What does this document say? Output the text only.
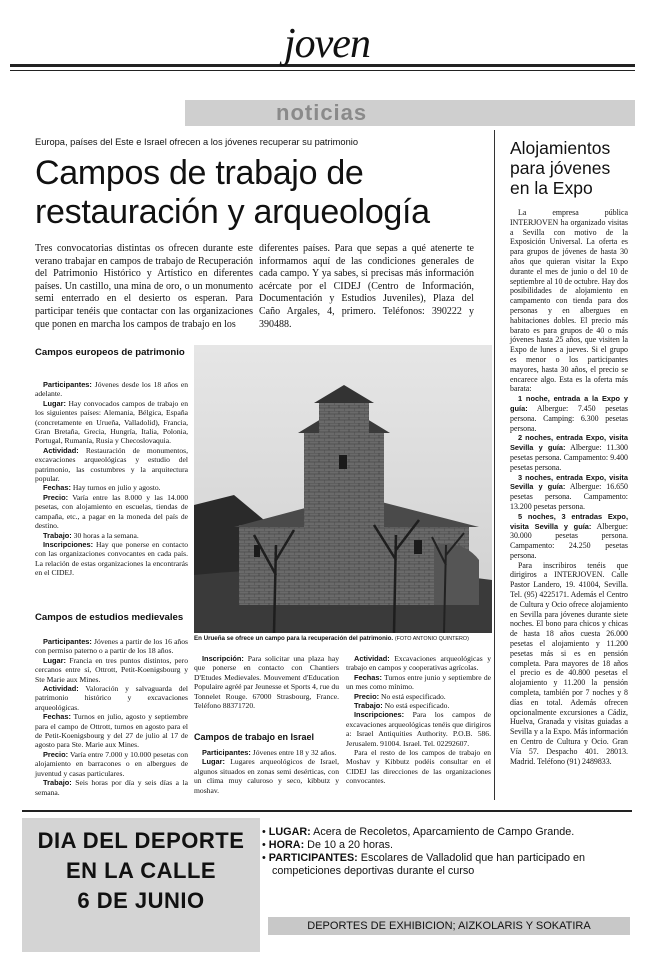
joven
noticias
Europa, países del Este e Israel ofrecen a los jóvenes recuperar su patrimonio
Campos de trabajo de restauración y arqueología
Tres convocatorias distintas os ofrecen durante este verano trabajar en campos de trabajo de Recuperación del Patrimonio Histórico y Artístico en diferentes países. Un castillo, una mina de oro, o un monumento semi enterrado en el desierto os esperan. Para participar tenéis que contactar con las organizaciones que ponen en marcha los campos de trabajo en los
diferentes países. Para que sepas a qué atenerte te informamos aquí de las condiciones generales de cada campo. Y ya sabes, si precisas más información acércate por el CIDEJ (Centro de Información, Documentación y Estudios Juveniles), Plaza del Caño Argales, 4, primero. Teléfonos: 390222 y 390488.
Campos europeos de patrimonio

Participantes: Jóvenes desde los 18 años en adelante.

Lugar: Hay convocados campos de trabajo en los siguientes países: Alemania, Bélgica, España (concretamente en Urueña, Valladolid), Francia, Gran Bretaña, Grecia, Hungría, Italia, Polonia, Portugal, Rumanía, Rusia y Checoslovaquia.

Actividad: Restauración de monumentos, excavaciones arqueológicas y estudio del patrimonio, las costumbres y la arquitectura popular.

Fechas: Hay turnos en julio y agosto.

Precio: Varía entre las 8.000 y las 14.000 pesetas, con alojamiento en escuelas, tiendas de campaña, etc., a pagar en la moneda del país de destino.

Trabajo: 30 horas a la semana.

Inscripciones: Hay que ponerse en contacto con las organizaciones convocantes en cada país. La relación de estas organizaciones la encontrarás en el CIDEJ.

Campos de estudios medievales

Participantes: Jóvenes a partir de los 16 años con permiso paterno o a partir de los 18 años.

Lugar: Francia en tres puntos distintos, pero cercanos entre sí, Ottrott, Petit-Koenigsbourg y Ste Marie aux Mines.

Actividad: Valoración y salvaguarda del patrimonio histórico y excavaciones arqueológicas.

Fechas: Turnos en julio, agosto y septiembre para el campo de Ottrott, turnos en agosto para el de Petit-Koenigsbourg y del 27 de julio al 17 de agosto para Ste. Marie aux Mines.

Precio: Varía entre 7.000 y 10.000 pesetas con alojamiento en barracones o en albergues de juventud y casas particulares.

Trabajo: Seis horas por día y seis días a la semana.

En Urueña se ofrece un campo para la recuperación del patrimonio. (FOTO ANTONIO QUINTERO)

Inscripción: Para solicitar una plaza hay que ponerse en contacto con Chantiers D'Etudes Medievales. Mouvement d'Education Populaire agréé par Jeunesse et Sports 4, rue du Tonnelet Rouge. 67000 Strasbourg, France. Teléfono 88371720.

Campos de trabajo en Israel

Participantes: Jóvenes entre 18 y 32 años.

Lugar: Lugares arqueológicos de Israel, algunos situados en zonas semi desérticas, con un clima muy caluroso y seco, kibbutz y moshav.

Actividad: Excavaciones arqueológicas y trabajo en campos y cooperativas agrícolas.

Fechas: Turnos entre junio y septiembre de un mes como mínimo.

Precio: No está especificado.

Trabajo: No está especificado.

Inscripciones: Para los campos de excavaciones arqueológicas tenéis que dirigiros a: Israel Antiquities Authority. P.O.B. 586. Jerusalem. 91004. Israel. Tel. 02292607.

Para el resto de los campos de trabajo en Moshav y Kibbutz podéis consultar en el CIDEJ las direcciones de las organizaciones convocantes.

Alojamientos para jóvenes en la Expo

La empresa pública INTERJOVEN ha organizado visitas a Sevilla con motivo de la Exposición Universal. La oferta es para grupos de jóvenes de hasta 30 años que quieran visitar la Expo durante el mes de junio o del 10 de septiembre al 10 de octubre. Hay dos posibilidades de alojamiento en campamento con tienda para dos personas y en albergues en habitaciones dobles. El precio más barato es para grupos de 40 o más jóvenes hasta 25 años, que visiten la Expo de lunes a jueves. Si el grupo es menor o los participantes mayores, hasta 30 años, el precio se encarece algo. Esta es la oferta más barata:

1 noche, entrada a la Expo y guía: Albergue: 7.450 pesetas persona. Camping: 6.300 pesetas persona.

2 noches, entrada Expo, visita Sevilla y guía: Albergue: 11.300 pesetas persona. Campamento: 9.400 pesetas persona.

3 noches, entrada Expo, visita Sevilla y guía: Albergue: 16.650 pesetas persona. Campamento: 13.200 pesetas persona.

5 noches, 3 entradas Expo, visita Sevilla y guía: Albergue: 30.000 pesetas persona. Campamento: 24.250 pesetas persona.

Para inscribiros tenéis que dirigiros a INTERJOVEN. Calle Pastor Landero, 19. 41004, Sevilla. Tel. (95) 4225171. Además el Centro de Cultura y Ocio ofrece alojamiento en Sevilla para jóvenes durante siete noches. El bono para chicos y chicas de hasta 18 años cuesta 26.000 pesetas el alojamiento y 11.200 pesetas más si es en pensión completa. Para mayores de 18 años el precio es de 40.800 pesetas el alojamiento y 11.200 la pensión completa, también por 7 noches y 8 días en total. Además ofrecen opcionalmente excursiones a Cádiz, Huelva, Granada y visitas guiadas a Sevilla y a la Expo. Más información en Centro de Cultura y Ocio. Gran Vía 57. Despacho 401. 28013. Madrid. Teléfono (91) 2489833.

DIA DEL DEPORTE
EN LA CALLE
6 DE JUNIO
• LUGAR: Acera de Recoletos, Aparcamiento de Campo Grande.
• HORA: De 10 a 20 horas.
• PARTICIPANTES: Escolares de Valladolid que han participado en competiciones deportivas durante el curso
DEPORTES DE EXHIBICION; AIZKOLARIS Y SOKATIRA
